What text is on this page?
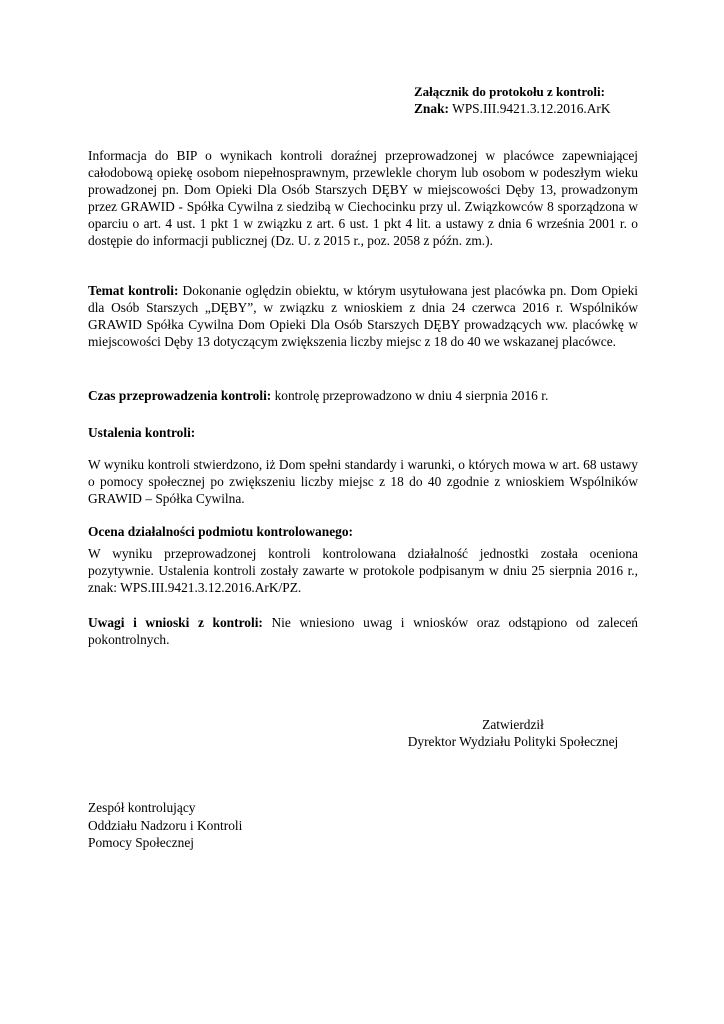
Załącznik do protokołu z kontroli:
Znak: WPS.III.9421.3.12.2016.ArK

Informacja do BIP o wynikach kontroli doraźnej przeprowadzonej w placówce zapewniającej całodobową opiekę osobom niepełnosprawnym, przewlekle chorym lub osobom w podeszłym wieku prowadzonej pn. Dom Opieki Dla Osób Starszych DĘBY w miejscowości Dęby 13, prowadzonym przez GRAWID - Spółka Cywilna z siedzibą w Ciechocinku przy ul. Związkowców 8 sporządzona w oparciu o art. 4 ust. 1 pkt 1 w związku z art. 6 ust. 1 pkt 4 lit. a ustawy z dnia 6 września 2001 r. o dostępie do informacji publicznej (Dz. U. z 2015 r., poz. 2058 z późn. zm.).

Temat kontroli: Dokonanie oględzin obiektu, w którym usytułowana jest placówka pn. Dom Opieki dla Osób Starszych „DĘBY”, w związku z wnioskiem z dnia 24 czerwca 2016 r. Wspólników GRAWID Spółka Cywilna Dom Opieki Dla Osób Starszych DĘBY prowadzących ww. placówkę w miejscowości Dęby 13 dotyczącym zwiększenia liczby miejsc z 18 do 40 we wskazanej placówce.

Czas przeprowadzenia kontroli: kontrolę przeprowadzono w dniu 4 sierpnia 2016 r.

Ustalenia kontroli:

W wyniku kontroli stwierdzono, iż Dom spełni standardy i warunki, o których mowa w art. 68 ustawy o pomocy społecznej po zwiększeniu liczby miejsc z 18 do 40 zgodnie z wnioskiem Wspólników GRAWID – Spółka Cywilna.

Ocena działalności podmiotu kontrolowanego:

W wyniku przeprowadzonej kontroli kontrolowana działalność jednostki została oceniona pozytywnie. Ustalenia kontroli zostały zawarte w protokole podpisanym w dniu 25 sierpnia 2016 r., znak: WPS.III.9421.3.12.2016.ArK/PZ.

Uwagi i wnioski z kontroli: Nie wniesiono uwag i wniosków oraz odstąpiono od zaleceń pokontrolnych.

Zatwierdził
Dyrektor Wydziału Polityki Społecznej
Zespół kontrolujący
Oddziału Nadzoru i Kontroli
Pomocy Społecznej
